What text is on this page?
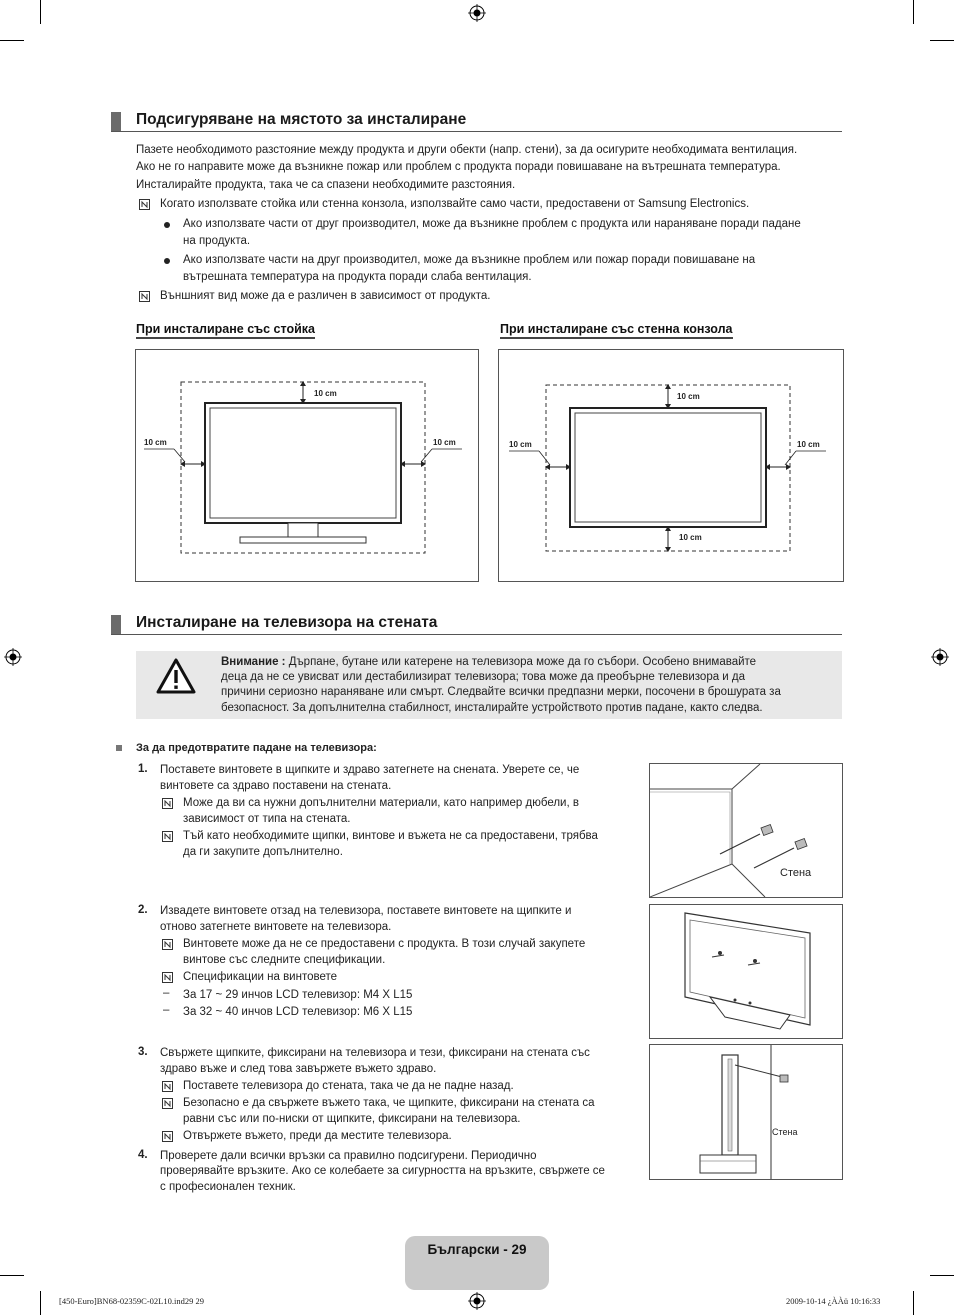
Подсигуряване на мястото за инсталиране
Пазете необходимото разстояние между продукта и други обекти (напр. стени), за да осигурите необходимата вентилация.
Ако не го направите може да възникне пожар или проблем с продукта поради повишаване на вътрешната температура.
Инсталирайте продукта, така че са спазени необходимите разстояния.
Когато използвате стойка или стенна конзола, използвайте само части, предоставени от Samsung Electronics.
Ако използвате части от друг производител, може да възникне проблем с продукта или нараняване поради падане
на продукта.
Ако използвате части на друг производител, може да възникне проблем или пожар поради повишаване на
вътрешната температура на продукта поради слаба вентилация.
Външният вид може да е различен в зависимост от продукта.
При инсталиране със стойка	При инсталиране със стенна конзола
10 cm
10 cm	10 cm
10 cm
10 cm	10 cm
10 cm
Инсталиране на телевизора на стената
Внимание : Дърпане, бутане или катерене на телевизора може да го събори. Особено внимавайте
деца да не се увисват или дестабилизират телевизора; това може да преобърне телевизора и да
причини сериозно нараняване или смърт. Следвайте всички предпазни мерки, посочени в брошурата за
безопасност. За допълнителна стабилност, инсталирайте устройството против падане, както следва.
За да предотвратите падане на телевизора:
1. Поставете винтовете в щипките и здраво затегнете на снената. Уверете се, че
винтовете са здраво поставени на стената.
Може да ви са нужни допълнителни материали, като например дюбели, в
зависимост от типа на стената.
Тъй като необходимите щипки, винтове и въжета не са предоставени, трябва
да ги закупите допълнително.
Стена
2. Извадете винтовете отзад на телевизора, поставете винтовете на щипките и
отново затегнете винтовете на телевизора.
Винтовете може да не се предоставени с продукта. В този случай закупете
винтове със следните спецификации.
Спецификации на винтовете
– За 17 ~ 29 инчов LCD телевизор: M4 X L15
– За 32 ~ 40 инчов LCD телевизор: M6 X L15
3. Свържете щипките, фиксирани на телевизора и тези, фиксирани на стената със
здраво въже и след това завържете въжето здраво.
Поставете телевизора до стената, така че да не падне назад.
Безопасно е да свържете въжето така, че щипките, фиксирани на стената са
равни със или по-ниски от щипките, фиксирани на телевизора.
Отвържете въжето, преди да местите телевизора.
4. Проверете дали всички връзки са правилно подсигурени. Периодично
проверявайте връзките. Ако се колебаете за сигурността на връзките, свържете се
с професионален техник.
Стена
Български - 29
[450-Euro]BN68-02359C-02L10.ind29 29	2009-10-14 ¿ÀÀü 10:16:33
